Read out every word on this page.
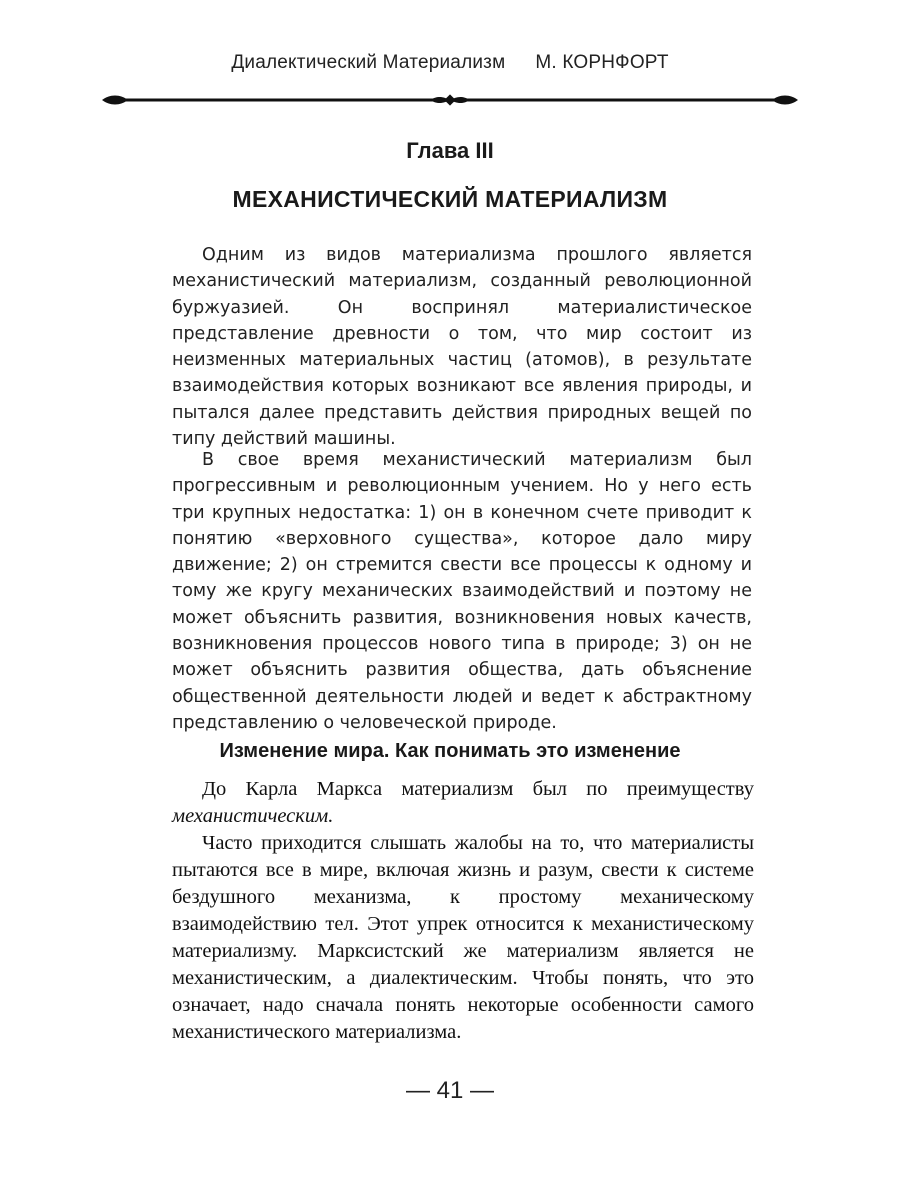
Диалектический Материализм М. КОРНФОРТ
Глава III
МЕХАНИСТИЧЕСКИЙ МАТЕРИАЛИЗМ

Одним из видов материализма прошлого является механистический материализм, созданный революционной буржуазией. Он воспринял материалистическое представление древности о том, что мир состоит из неизменных материальных частиц (атомов), в результате взаимодействия которых возникают все явления природы, и пытался далее представить действия природных вещей по типу действий машины.

В свое время механистический материализм был прогрессивным и революционным учением. Но у него есть три крупных недостатка: 1) он в конечном счете приводит к понятию «верховного существа», которое дало миру движение; 2) он стремится свести все процессы к одному и тому же кругу механических взаимодействий и поэтому не может объяснить развития, возникновения новых качеств, возникновения процессов нового типа в природе; 3) он не может объяснить развития общества, дать объяснение общественной деятельности людей и ведет к абстрактному представлению о человеческой природе.

Изменение мира. Как понимать это изменение

До Карла Маркса материализм был по преимуществу механистическим.

Часто приходится слышать жалобы на то, что материалисты пытаются все в мире, включая жизнь и разум, свести к системе бездушного механизма, к простому механическому взаимодействию тел. Этот упрек относится к механистическому материализму. Марксистский же материализм является не механистическим, а диалектическим. Чтобы понять, что это означает, надо сначала понять некоторые особенности самого механистического материализма.

— 41 —
